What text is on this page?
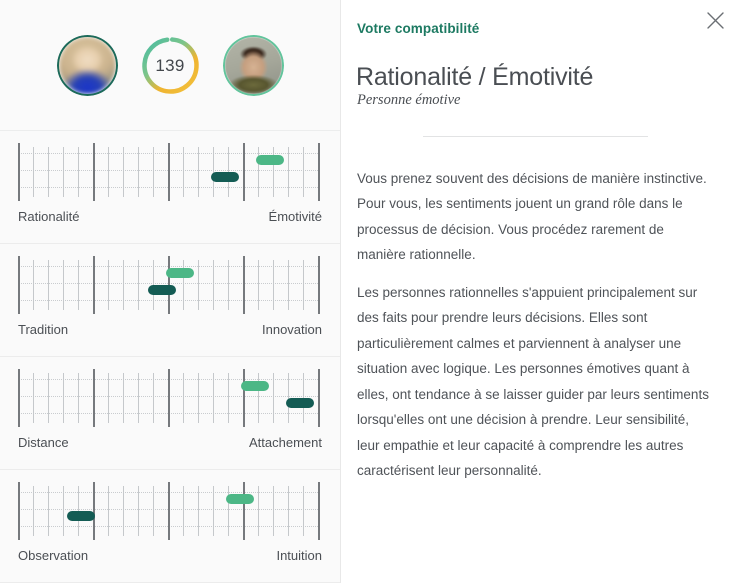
139
Rationalité	Émotivité
Tradition	Innovation
Distance	Attachement
Observation	Intuition
Votre compatibilité
Rationalité / Émotivité
Personne émotive

Vous prenez souvent des décisions de manière instinctive. Pour vous, les sentiments jouent un grand rôle dans le processus de décision. Vous procédez rarement de manière rationnelle.

Les personnes rationnelles s'appuient principalement sur des faits pour prendre leurs décisions. Elles sont particulièrement calmes et parviennent à analyser une situation avec logique. Les personnes émotives quant à elles, ont tendance à se laisser guider par leurs sentiments lorsqu'elles ont une décision à prendre. Leur sensibilité, leur empathie et leur capacité à comprendre les autres caractérisent leur personnalité.
